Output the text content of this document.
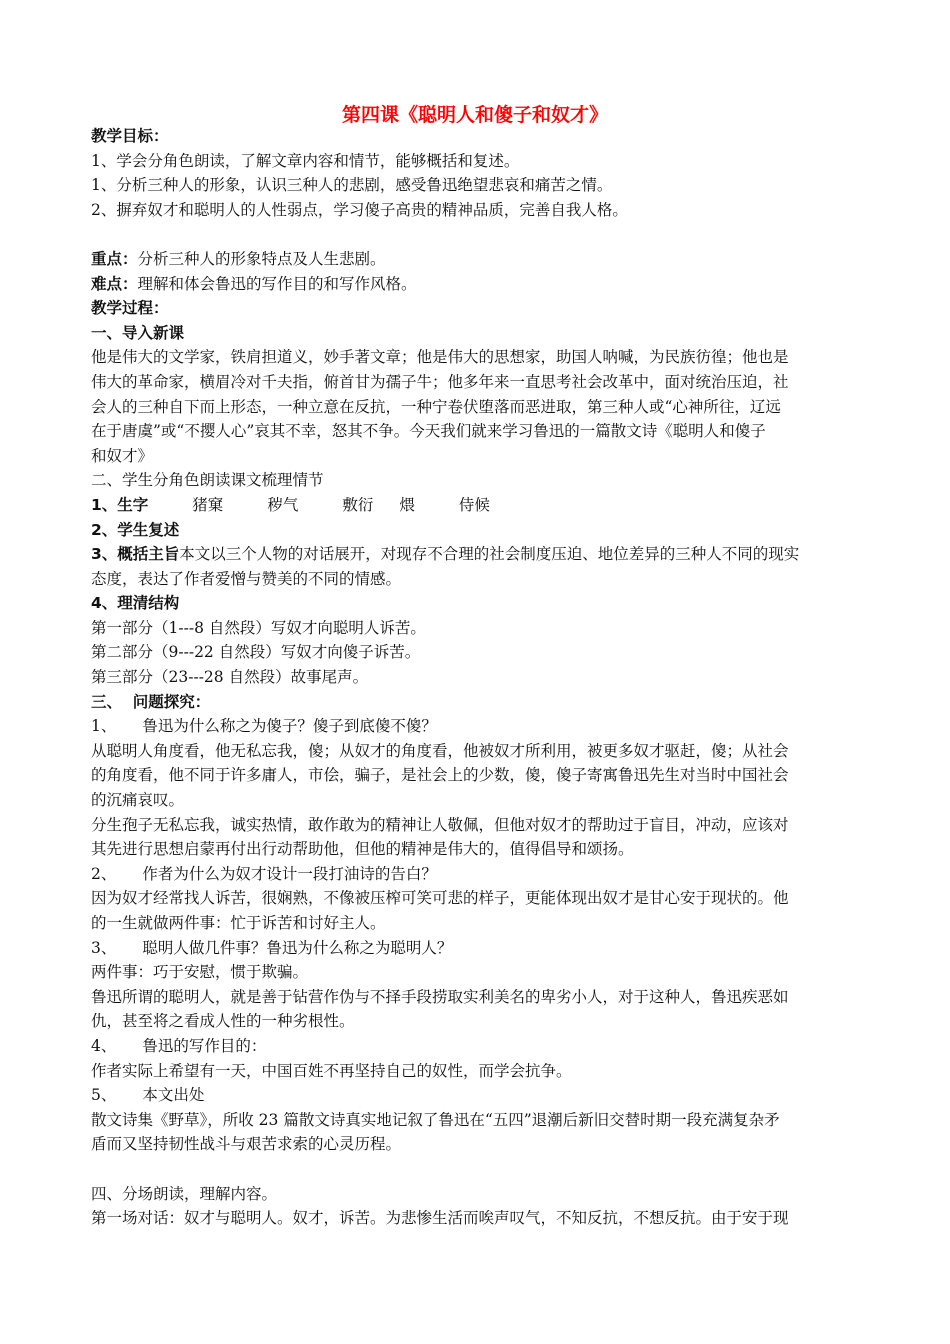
第四课《聪明人和傻子和奴才》

教学目标：

1、学会分角色朗读，了解文章内容和情节，能够概括和复述。

1、分析三种人的形象，认识三种人的悲剧，感受鲁迅绝望悲哀和痛苦之情。

2、摒弃奴才和聪明人的人性弱点，学习傻子高贵的精神品质，完善自我人格。

重点：分析三种人的形象特点及人生悲剧。

难点：理解和体会鲁迅的写作目的和写作风格。

教学过程：

一、导入新课

他是伟大的文学家，铁肩担道义，妙手著文章；他是伟大的思想家，助国人呐喊，为民族彷徨；他也是

伟大的革命家，横眉冷对千夫指，俯首甘为孺子牛；他多年来一直思考社会改革中，面对统治压迫，社

会人的三种自下而上形态，一种立意在反抗，一种宁卷伏堕落而恶进取，第三种人或“心神所往，辽远

在于唐虞”或“不撄人心”哀其不幸，怒其不争。今天我们就来学习鲁迅的一篇散文诗《聪明人和傻子

和奴才》

二、学生分角色朗读课文梳理情节

1、生字	猪窠	秽气	敷衍 煨	侍候

2、学生复述

3、概括主旨本文以三个人物的对话展开，对现存不合理的社会制度压迫、地位差异的三种人不同的现实

态度，表达了作者爱憎与赞美的不同的情感。

4、理清结构

第一部分（1---8 自然段）写奴才向聪明人诉苦。

第二部分（9---22 自然段）写奴才向傻子诉苦。

第三部分（23---28 自然段）故事尾声。

三、  问题探究：

1、 鲁迅为什么称之为傻子？傻子到底傻不傻？

从聪明人角度看，他无私忘我，傻；从奴才的角度看，他被奴才所利用，被更多奴才驱赶，傻；从社会

的角度看，他不同于许多庸人，市侩，骗子，是社会上的少数，傻，傻子寄寓鲁迅先生对当时中国社会

的沉痛哀叹。

分生孢子无私忘我，诚实热情，敢作敢为的精神让人敬佩，但他对奴才的帮助过于盲目，冲动，应该对

其先进行思想启蒙再付出行动帮助他，但他的精神是伟大的，值得倡导和颂扬。

2、 作者为什么为奴才设计一段打油诗的告白？

因为奴才经常找人诉苦，很娴熟，不像被压榨可笑可悲的样子，更能体现出奴才是甘心安于现状的。他

的一生就做两件事：忙于诉苦和讨好主人。

3、 聪明人做几件事？鲁迅为什么称之为聪明人？

两件事：巧于安慰，惯于欺骗。

鲁迅所谓的聪明人，就是善于钻营作伪与不择手段捞取实利美名的卑劣小人，对于这种人，鲁迅疾恶如

仇，甚至将之看成人性的一种劣根性。

4、 鲁迅的写作目的：

作者实际上希望有一天，中国百姓不再坚持自己的奴性，而学会抗争。

5、 本文出处

散文诗集《野草》，所收 23 篇散文诗真实地记叙了鲁迅在“五四”退潮后新旧交替时期一段充满复杂矛

盾而又坚持韧性战斗与艰苦求索的心灵历程。

四、分场朗读，理解内容。

第一场对话：奴才与聪明人。奴才，诉苦。为悲惨生活而唉声叹气，不知反抗，不想反抗。由于安于现
